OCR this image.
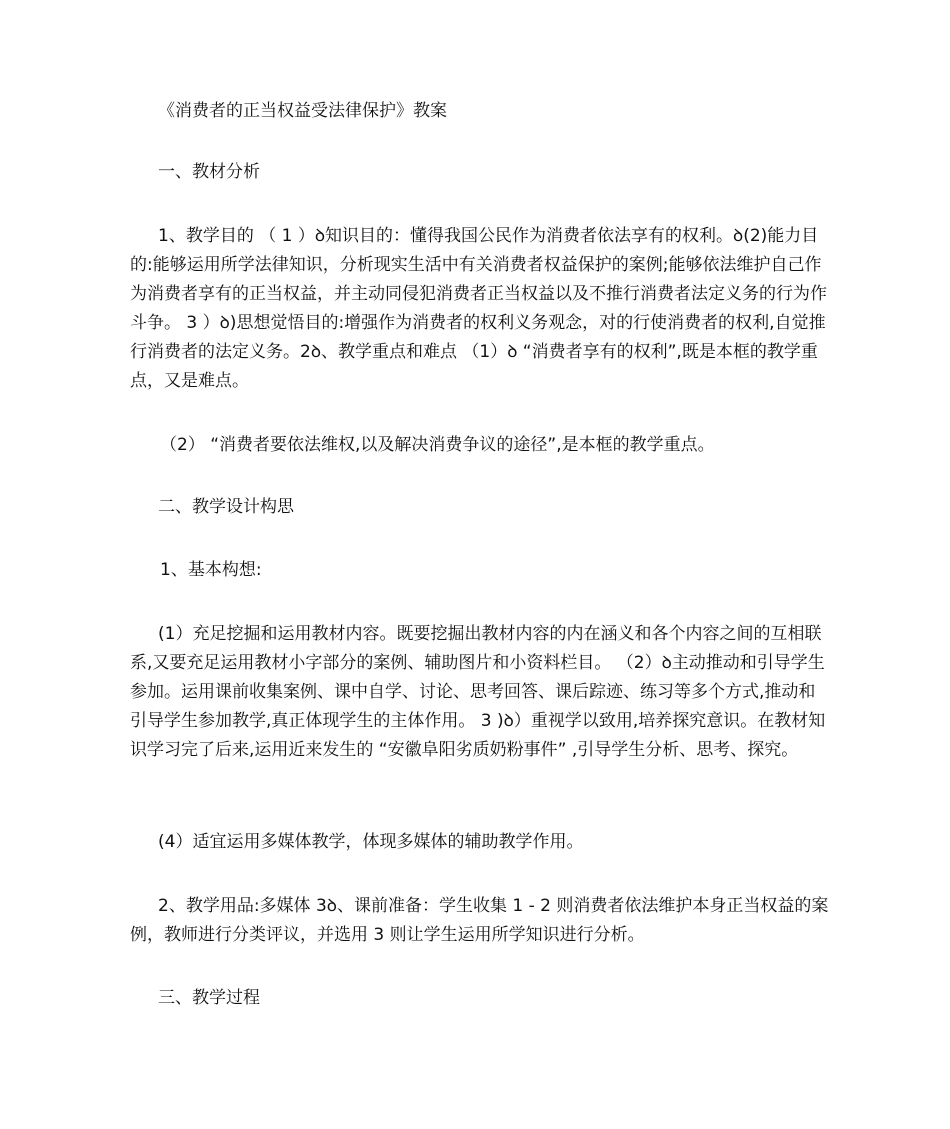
《消费者的正当权益受法律保护》教案

一、教材分析

1、教学目的 （ 1 ）ꝺ知识目的：懂得我国公民作为消费者依法享有的权利。ꝺ(2)能力目的:能够运用所学法律知识，分析现实生活中有关消费者权益保护的案例;能够依法维护自己作为消费者享有的正当权益，并主动同侵犯消费者正当权益以及不推行消费者法定义务的行为作斗争。 3 ）ꝺ)思想觉悟目的:增强作为消费者的权利义务观念，对的行使消费者的权利,自觉推行消费者的法定义务。2ꝺ、教学重点和难点 （1）ꝺ “消费者享有的权利”,既是本框的教学重点，又是难点。

（2） “消费者要依法维权,以及解决消费争议的途径”,是本框的教学重点。

二、教学设计构思

1、基本构想:

(1）充足挖掘和运用教材内容。既要挖掘出教材内容的内在涵义和各个内容之间的互相联系,又要充足运用教材小字部分的案例、辅助图片和小资料栏目。 （2）ꝺ主动推动和引导学生参加。运用课前收集案例、课中自学、讨论、思考回答、课后踪迹、练习等多个方式,推动和引导学生参加教学,真正体现学生的主体作用。 3 )ꝺ）重视学以致用,培养探究意识。在教材知识学习完了后来,运用近来发生的 “安徽阜阳劣质奶粉事件” ,引导学生分析、思考、探究。

(4）适宜运用多媒体教学，体现多媒体的辅助教学作用。

2、教学用品:多媒体 3ꝺ、课前准备：学生收集 1 - 2 则消费者依法维护本身正当权益的案例，教师进行分类评议，并选用 3 则让学生运用所学知识进行分析。

三、教学过程
